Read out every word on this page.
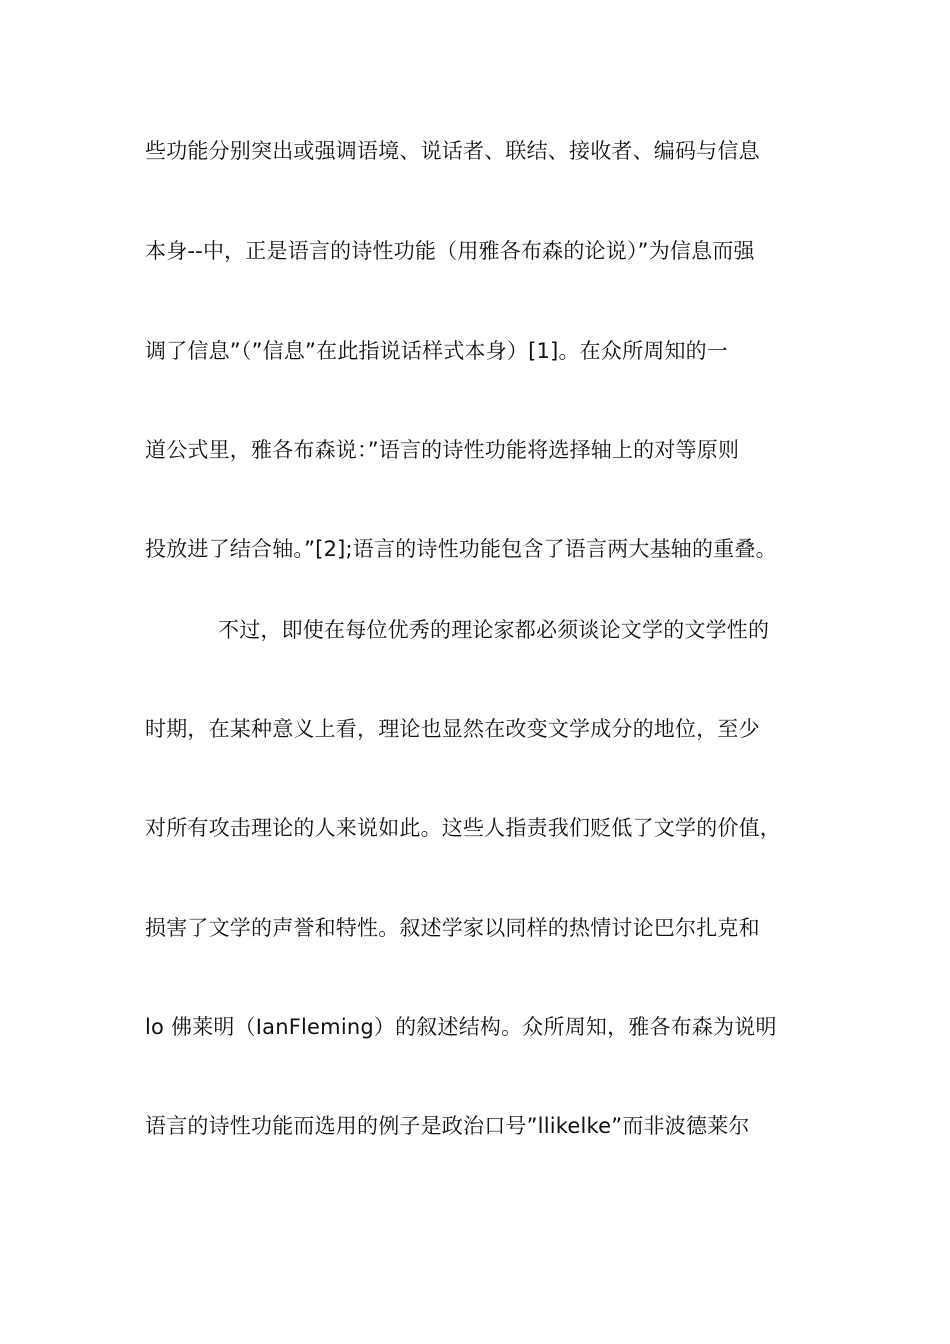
些功能分别突出或强调语境、说话者、联结、接收者、编码与信息
本身--中，正是语言的诗性功能（用雅各布森的论说）”为信息而强
调了信息”（”信息”在此指说话样式本身）[1]。在众所周知的一
道公式里，雅各布森说：”语言的诗性功能将选择轴上的对等原则
投放进了结合轴。”[2];语言的诗性功能包含了语言两大基轴的重叠。
不过，即使在每位优秀的理论家都必须谈论文学的文学性的
时期，在某种意义上看，理论也显然在改变文学成分的地位，至少
对所有攻击理论的人来说如此。这些人指责我们贬低了文学的价值，
损害了文学的声誉和特性。叙述学家以同样的热情讨论巴尔扎克和
lo 佛莱明（IanFleming）的叙述结构。众所周知，雅各布森为说明
语言的诗性功能而选用的例子是政治口号”llikelke”而非波德莱尔
